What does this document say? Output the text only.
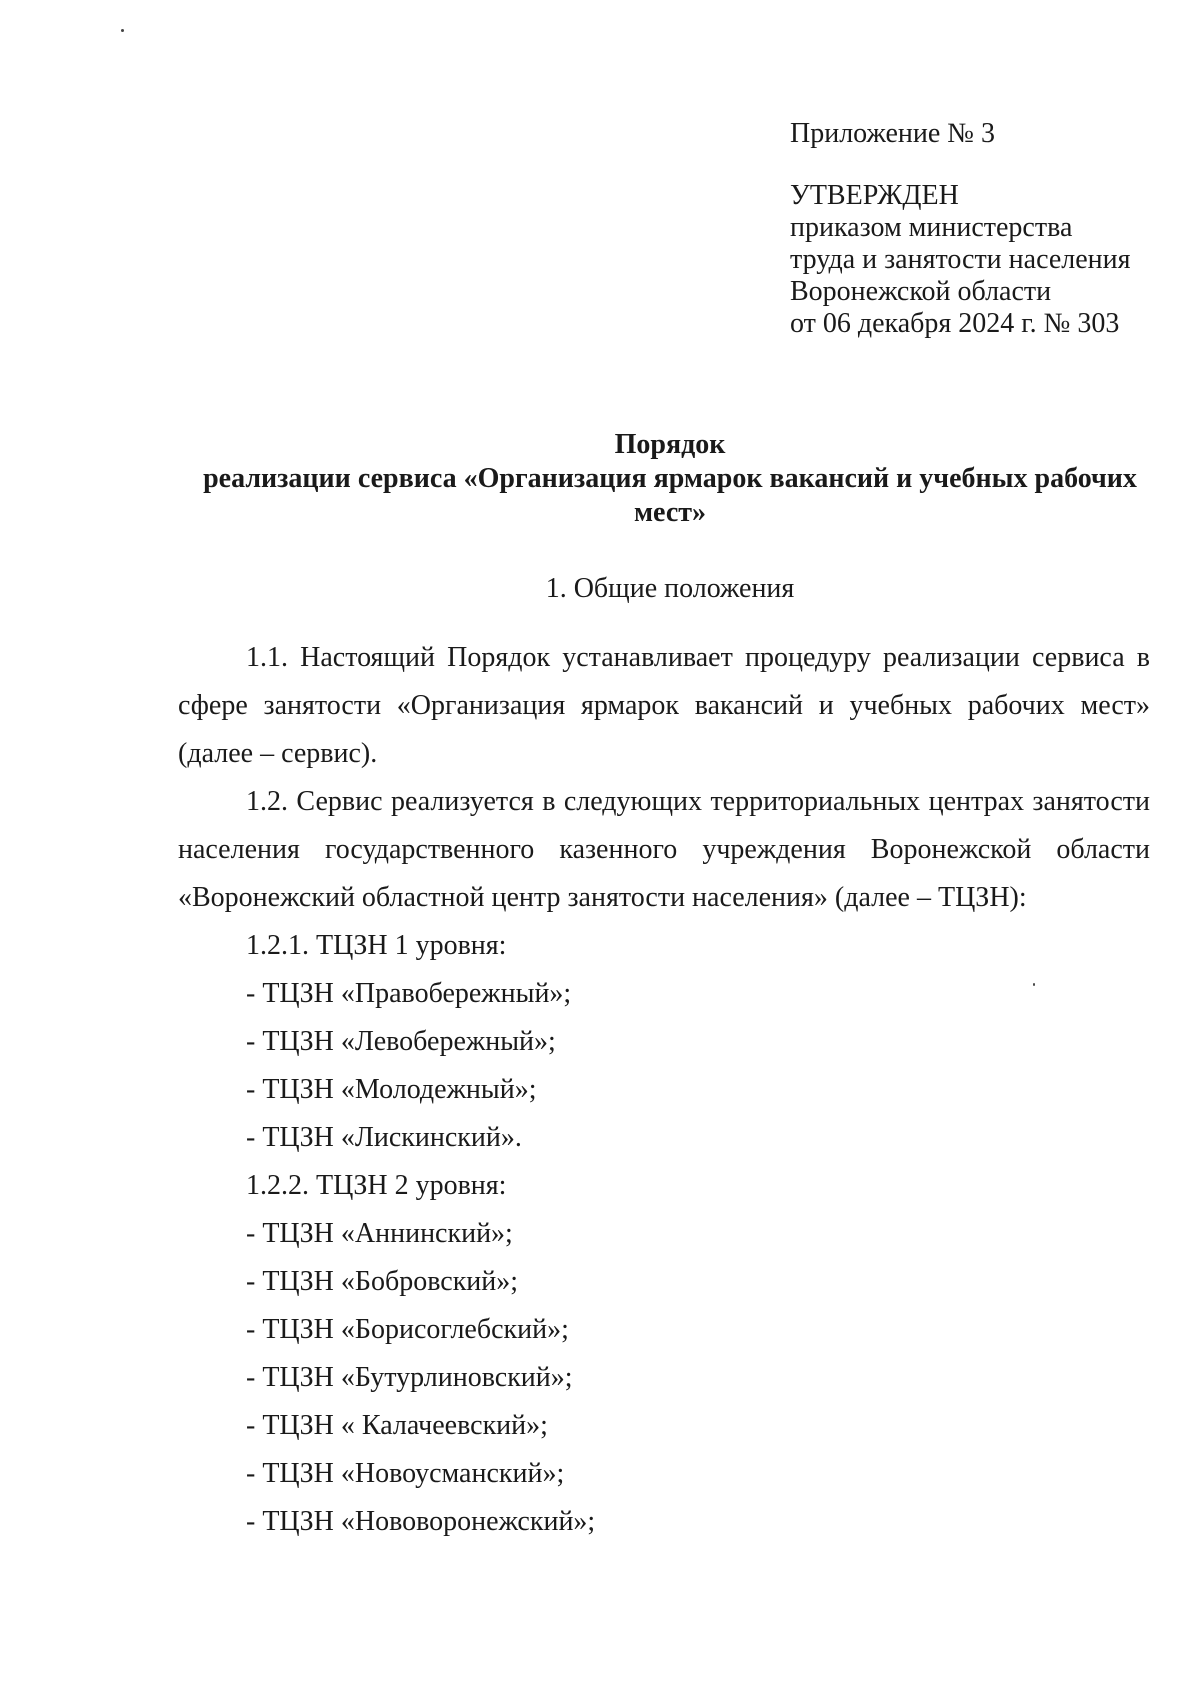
Приложение № 3
УТВЕРЖДЕН
приказом министерства
труда и занятости населения
Воронежской области
от 06 декабря 2024 г. № 303
Порядок
реализации сервиса «Организация ярмарок вакансий и учебных рабочих мест»
1. Общие положения
1.1. Настоящий Порядок устанавливает процедуру реализации сервиса в сфере занятости «Организация ярмарок вакансий и учебных рабочих мест» (далее – сервис).
1.2. Сервис реализуется в следующих территориальных центрах занятости населения государственного казенного учреждения Воронежской области «Воронежский областной центр занятости населения» (далее – ТЦЗН):
1.2.1. ТЦЗН 1 уровня:
- ТЦЗН «Правобережный»;
- ТЦЗН «Левобережный»;
- ТЦЗН «Молодежный»;
- ТЦЗН «Лискинский».
1.2.2. ТЦЗН 2 уровня:
- ТЦЗН «Аннинский»;
- ТЦЗН «Бобровский»;
- ТЦЗН «Борисоглебский»;
- ТЦЗН «Бутурлиновский»;
- ТЦЗН « Калачеевский»;
- ТЦЗН «Новоусманский»;
- ТЦЗН «Нововоронежский»;
